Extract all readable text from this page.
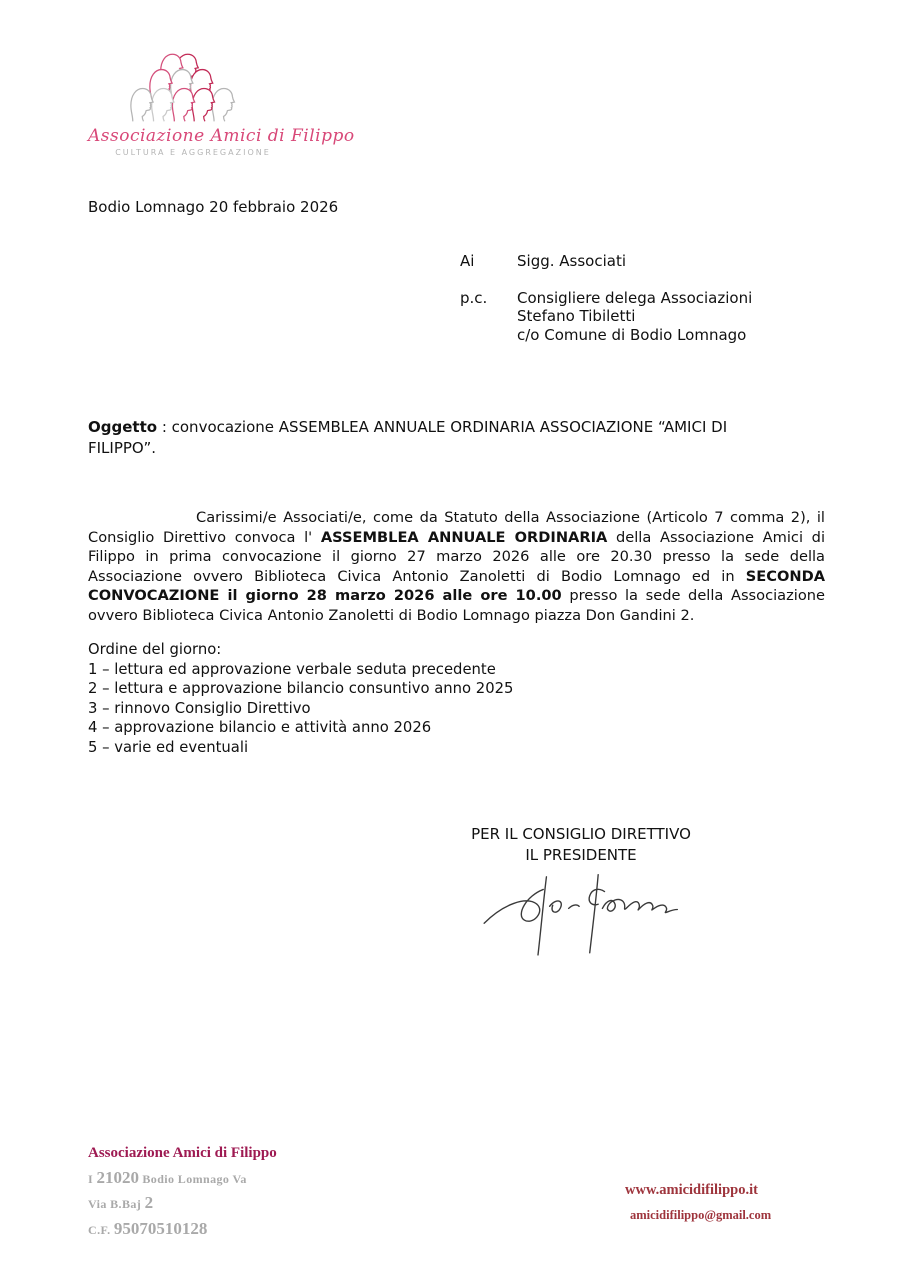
Associazione Amici di Filippo
CULTURA E AGGREGAZIONE
Bodio Lomnago 20 febbraio 2026
Ai	Sigg. Associati
p.c.	Consigliere delega Associazioni
Stefano Tibiletti
c/o Comune di Bodio Lomnago
Oggetto : convocazione ASSEMBLEA ANNUALE ORDINARIA ASSOCIAZIONE “AMICI DI FILIPPO”.

Carissimi/e Associati/e, come da Statuto della Associazione (Articolo 7 comma 2), il Consiglio Direttivo convoca l' ASSEMBLEA ANNUALE ORDINARIA della Associazione Amici di Filippo in prima convocazione il giorno 27 marzo 2026 alle ore 20.30 presso la sede della Associazione ovvero Biblioteca Civica Antonio Zanoletti di Bodio Lomnago ed in SECONDA CONVOCAZIONE il giorno 28 marzo 2026 alle ore 10.00 presso la sede della Associazione ovvero Biblioteca Civica Antonio Zanoletti di Bodio Lomnago piazza Don Gandini 2.

Ordine del giorno:
1 – lettura ed approvazione verbale seduta precedente
2 – lettura e approvazione bilancio consuntivo anno 2025
3 – rinnovo Consiglio Direttivo
4 – approvazione bilancio e attività anno 2026
5 – varie ed eventuali
PER IL CONSIGLIO DIRETTIVO
IL PRESIDENTE
Associazione Amici di Filippo
I 21020 Bodio Lomnago Va
Via B.Baj 2
C.F. 95070510128
www.amicidifilippo.it
amicidifilippo@gmail.com
